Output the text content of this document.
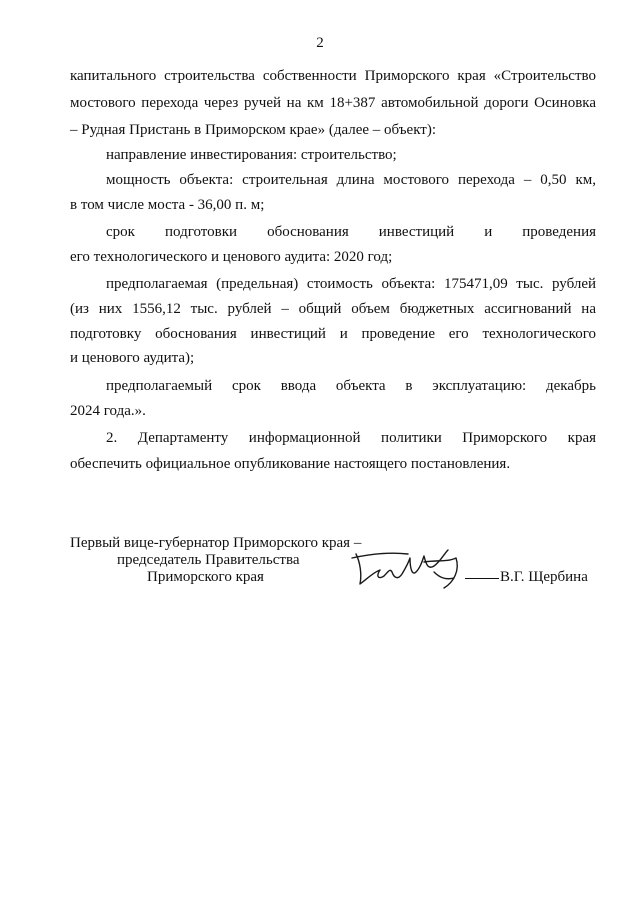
2
капитального строительства собственности Приморского края «Строительство
мостового перехода через ручей на км 18+387 автомобильной дороги Осиновка
– Рудная Пристань в Приморском крае» (далее – объект):
направление инвестирования: строительство;
мощность объекта: строительная длина мостового перехода – 0,50 км,
в том числе моста - 36,00 п. м;
срок подготовки обоснования инвестиций и проведения
его технологического и ценового аудита: 2020 год;
предполагаемая (предельная) стоимость объекта: 175471,09 тыс. рублей
(из них 1556,12 тыс. рублей – общий объем бюджетных ассигнований на
подготовку обоснования инвестиций и проведение его технологического
и ценового аудита);
предполагаемый срок ввода объекта в эксплуатацию: декабрь
2024 года.».
2. Департаменту информационной политики Приморского края
обеспечить официальное опубликование настоящего постановления.
Первый вице-губернатор Приморского края –
председатель Правительства
Приморского края	В.Г. Щербина
